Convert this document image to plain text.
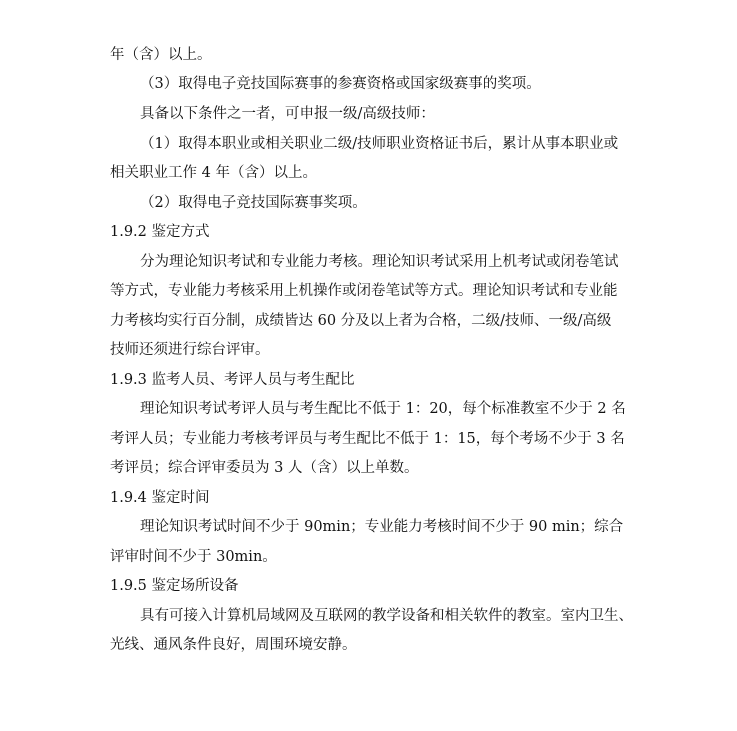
年（含）以上。
（3）取得电子竞技国际赛事的参赛资格或国家级赛事的奖项。
具备以下条件之一者，可申报一级/高级技师：
（1）取得本职业或相关职业二级/技师职业资格证书后，累计从事本职业或
相关职业工作 4 年（含）以上。
（2）取得电子竞技国际赛事奖项。
1.9.2 鉴定方式
分为理论知识考试和专业能力考核。理论知识考试采用上机考试或闭卷笔试
等方式，专业能力考核采用上机操作或闭卷笔试等方式。理论知识考试和专业能
力考核均实行百分制，成绩皆达 60 分及以上者为合格，二级/技师、一级/高级
技师还须进行综台评审。
1.9.3 监考人员、考评人员与考生配比
理论知识考试考评人员与考生配比不低于 1：20，每个标准教室不少于 2 名
考评人员；专业能力考核考评员与考生配比不低于 1：15，每个考场不少于 3 名
考评员；综合评审委员为 3 人（含）以上单数。
1.9.4 鉴定时间
理论知识考试时间不少于 90min；专业能力考核时间不少于 90 min；综合
评审时间不少于 30min。
1.9.5 鉴定场所设备
具有可接入计算机局域网及互联网的教学设备和相关软件的教室。室内卫生、
光线、通风条件良好，周围环境安静。
